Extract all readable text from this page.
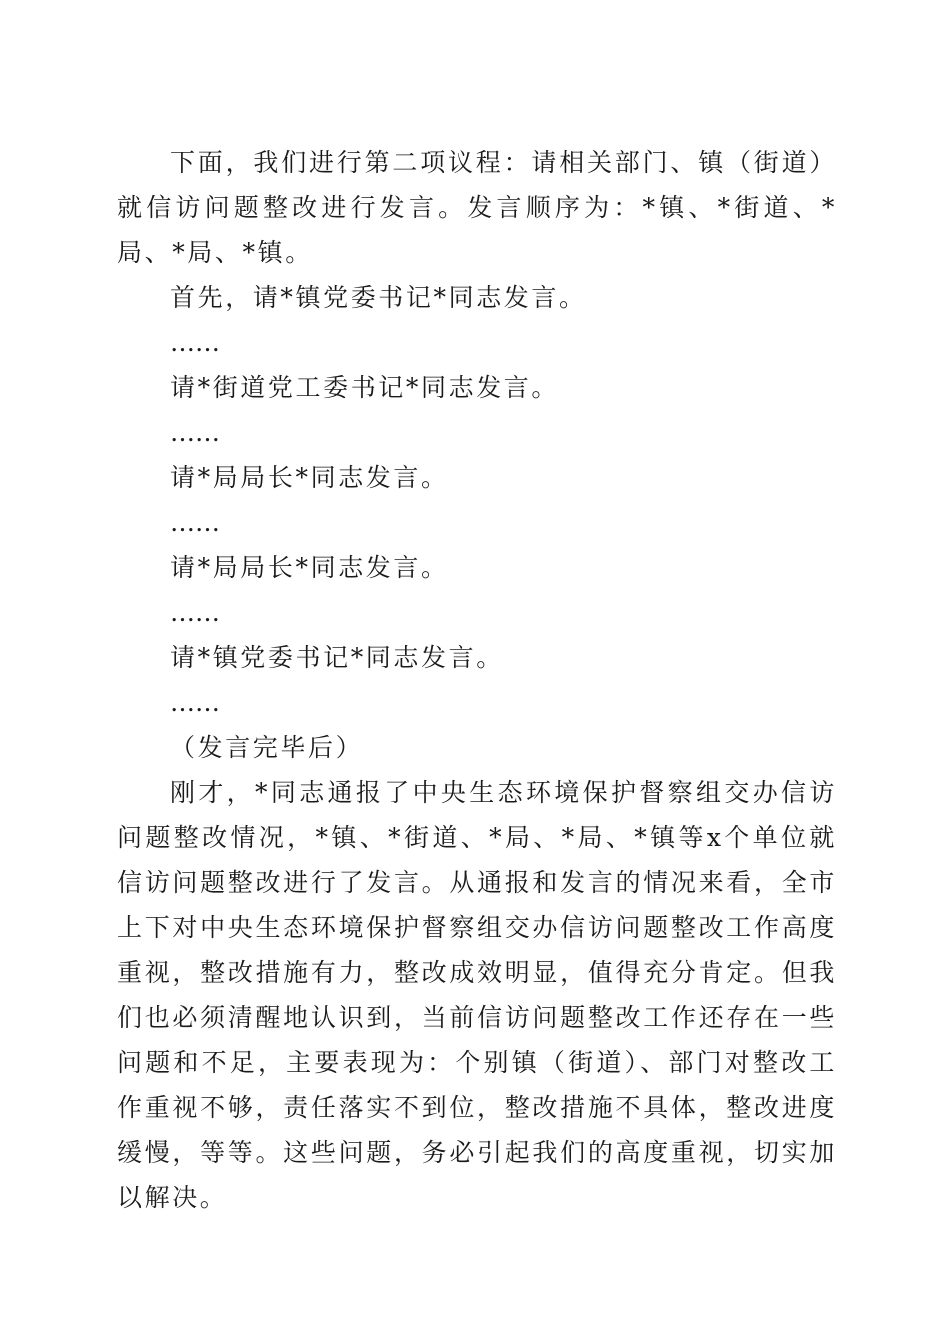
下面，我们进行第二项议程：请相关部门、镇（街道）就信访问题整改进行发言。发言顺序为：*镇、*街道、*局、*局、*镇。

首先，请*镇党委书记*同志发言。

……

请*街道党工委书记*同志发言。

……

请*局局长*同志发言。

……

请*局局长*同志发言。

……

请*镇党委书记*同志发言。

……

（发言完毕后）

刚才，*同志通报了中央生态环境保护督察组交办信访问题整改情况，*镇、*街道、*局、*局、*镇等x个单位就信访问题整改进行了发言。从通报和发言的情况来看，全市上下对中央生态环境保护督察组交办信访问题整改工作高度重视，整改措施有力，整改成效明显，值得充分肯定。但我们也必须清醒地认识到，当前信访问题整改工作还存在一些问题和不足，主要表现为：个别镇（街道）、部门对整改工作重视不够，责任落实不到位，整改措施不具体，整改进度缓慢，等等。这些问题，务必引起我们的高度重视，切实加以解决。
